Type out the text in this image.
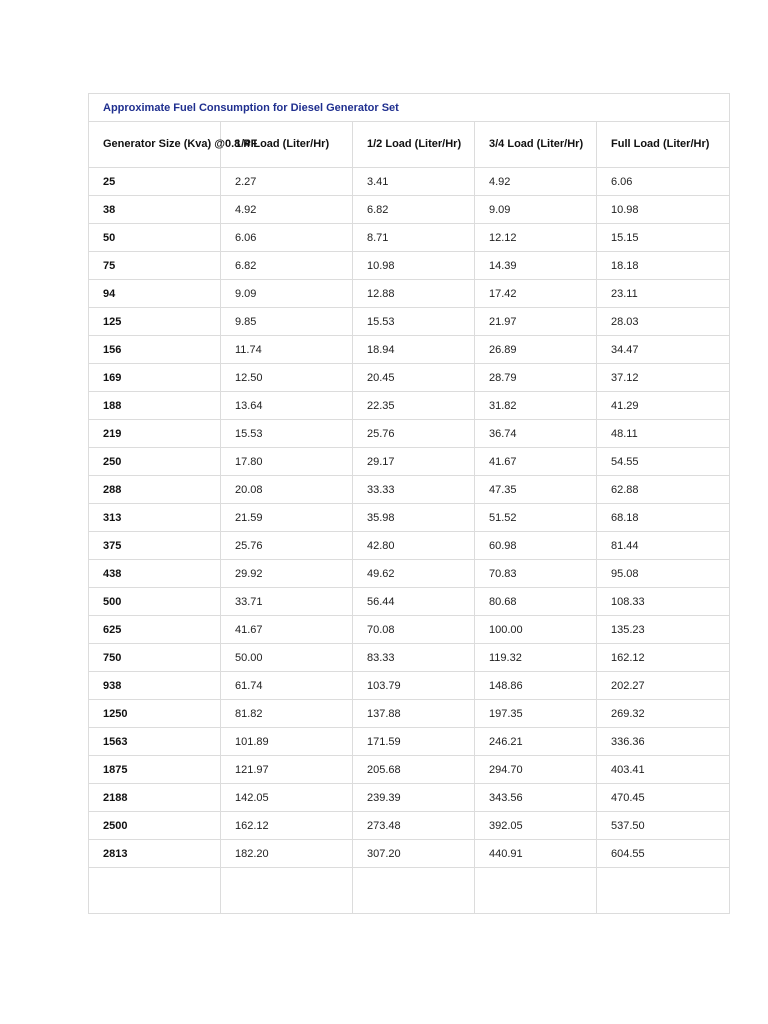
Approximate Fuel Consumption for Diesel Generator Set				
Generator Size (Kva) @0.8 PF	1/4 Load (Liter/Hr)	1/2 Load (Liter/Hr)	3/4 Load (Liter/Hr)	Full Load (Liter/Hr)
25	2.27	3.41	4.92	6.06
38	4.92	6.82	9.09	10.98
50	6.06	8.71	12.12	15.15
75	6.82	10.98	14.39	18.18
94	9.09	12.88	17.42	23.11
125	9.85	15.53	21.97	28.03
156	11.74	18.94	26.89	34.47
169	12.50	20.45	28.79	37.12
188	13.64	22.35	31.82	41.29
219	15.53	25.76	36.74	48.11
250	17.80	29.17	41.67	54.55
288	20.08	33.33	47.35	62.88
313	21.59	35.98	51.52	68.18
375	25.76	42.80	60.98	81.44
438	29.92	49.62	70.83	95.08
500	33.71	56.44	80.68	108.33
625	41.67	70.08	100.00	135.23
750	50.00	83.33	119.32	162.12
938	61.74	103.79	148.86	202.27
1250	81.82	137.88	197.35	269.32
1563	101.89	171.59	246.21	336.36
1875	121.97	205.68	294.70	403.41
2188	142.05	239.39	343.56	470.45
2500	162.12	273.48	392.05	537.50
2813	182.20	307.20	440.91	604.55
